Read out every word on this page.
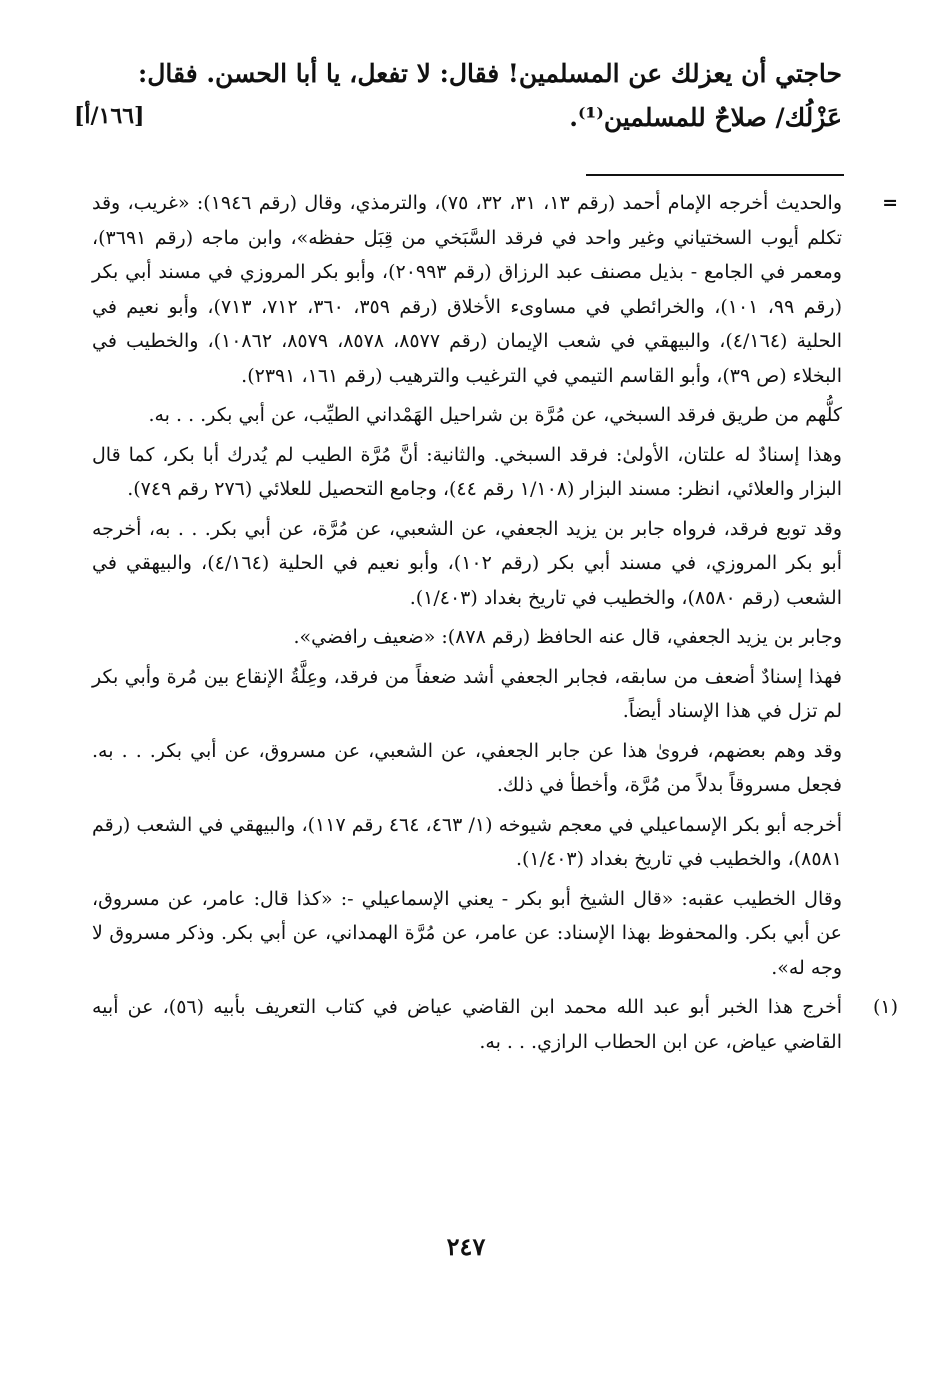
حاجتي أن يعزلك عن المسلمين! فقال: لا تفعل، يا أبا الحسن. فقال:

عَزْلُك/ صلاحٌ للمسلمين⁽¹⁾.

[١٦٦/أ]

=
والحديث أخرجه الإمام أحمد (رقم ١٣، ٣١، ٣٢، ٧٥)، والترمذي، وقال (رقم ١٩٤٦): «غريب، وقد تكلم أيوب السختياني وغير واحد في فرقد السَّبَخي من قِبَل حفظه»، وابن ماجه (رقم ٣٦٩١)، ومعمر في الجامع - بذيل مصنف عبد الرزاق (رقم ٢٠٩٩٣)، وأبو بكر المروزي في مسند أبي بكر (رقم ٩٩، ١٠١)، والخرائطي في مساوىء الأخلاق (رقم ٣٥٩، ٣٦٠، ٧١٢، ٧١٣)، وأبو نعيم في الحلية (٤/١٦٤)، والبيهقي في شعب الإيمان (رقم ٨٥٧٧، ٨٥٧٨، ٨٥٧٩، ١٠٨٦٢)، والخطيب في البخلاء (ص ٣٩)، وأبو القاسم التيمي في الترغيب والترهيب (رقم ١٦١، ٢٣٩١).

كلُّهم من طريق فرقد السبخي، عن مُرَّة بن شراحيل الهَمْداني الطيِّب، عن أبي بكر. . . به.

وهذا إسنادٌ له علتان، الأولىٰ: فرقد السبخي. والثانية: أنَّ مُرَّة الطيب لم يُدرك أبا بكر، كما قال البزار والعلائي، انظر: مسند البزار (١/١٠٨ رقم ٤٤)، وجامع التحصيل للعلائي (٢٧٦ رقم ٧٤٩).

وقد توبع فرقد، فرواه جابر بن يزيد الجعفي، عن الشعبي، عن مُرَّة، عن أبي بكر. . . به، أخرجه أبو بكر المروزي، في مسند أبي بكر (رقم ١٠٢)، وأبو نعيم في الحلية (٤/١٦٤)، والبيهقي في الشعب (رقم ٨٥٨٠)، والخطيب في تاريخ بغداد (١/٤٠٣).

وجابر بن يزيد الجعفي، قال عنه الحافظ (رقم ٨٧٨): «ضعيف رافضي».

فهذا إسنادٌ أضعف من سابقه، فجابر الجعفي أشد ضعفاً من فرقد، وعِلَّةُ الإنقاع بين مُرة وأبي بكر لم تزل في هذا الإسناد أيضاً.

وقد وهم بعضهم، فروىٰ هذا عن جابر الجعفي، عن الشعبي، عن مسروق، عن أبي بكر. . . به. فجعل مسروقاً بدلاً من مُرَّة، وأخطأ في ذلك.

أخرجه أبو بكر الإسماعيلي في معجم شيوخه (١/ ٤٦٣، ٤٦٤ رقم ١١٧)، والبيهقي في الشعب (رقم ٨٥٨١)، والخطيب في تاريخ بغداد (١/٤٠٣).

وقال الخطيب عقبه: «قال الشيخ أبو بكر - يعني الإسماعيلي -: «كذا قال: عامر، عن مسروق، عن أبي بكر. والمحفوظ بهذا الإسناد: عن عامر، عن مُرَّة الهمداني، عن أبي بكر. وذكر مسروق لا وجه له».

(١)
أخرج هذا الخبر أبو عبد الله محمد ابن القاضي عياض في كتاب التعريف بأبيه (٥٦)، عن أبيه القاضي عياض، عن ابن الحطاب الرازي. . . به.

٢٤٧
